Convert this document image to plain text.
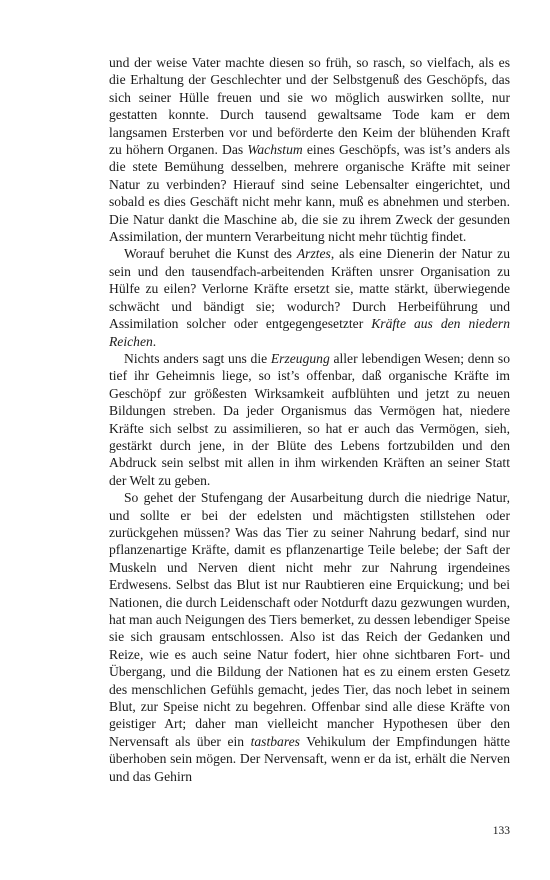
und der weise Vater machte diesen so früh, so rasch, so vielfach, als es die Erhaltung der Geschlechter und der Selbstgenuß des Geschöpfs, das sich seiner Hülle freuen und sie wo möglich auswirken sollte, nur gestatten konnte. Durch tausend gewaltsame Tode kam er dem langsamen Ersterben vor und beförderte den Keim der blühenden Kraft zu höhern Organen. Das Wachstum eines Geschöpfs, was ist’s anders als die stete Bemühung desselben, mehrere organische Kräfte mit seiner Natur zu verbinden? Hierauf sind seine Lebensalter eingerichtet, und sobald es dies Geschäft nicht mehr kann, muß es abnehmen und sterben. Die Natur dankt die Maschine ab, die sie zu ihrem Zweck der gesunden Assimilation, der muntern Verarbeitung nicht mehr tüchtig findet.

Worauf beruhet die Kunst des Arztes, als eine Dienerin der Natur zu sein und den tausendfach-arbeitenden Kräften unsrer Organisation zu Hülfe zu eilen? Verlorne Kräfte ersetzt sie, matte stärkt, überwiegende schwächt und bändigt sie; wodurch? Durch Herbeiführung und Assimilation solcher oder entgegengesetzter Kräfte aus den niedern Reichen.

Nichts anders sagt uns die Erzeugung aller lebendigen Wesen; denn so tief ihr Geheimnis liege, so ist’s offenbar, daß organische Kräfte im Geschöpf zur größesten Wirksamkeit aufblühten und jetzt zu neuen Bildungen streben. Da jeder Organismus das Vermögen hat, niedere Kräfte sich selbst zu assimilieren, so hat er auch das Vermögen, sieh, gestärkt durch jene, in der Blüte des Lebens fortzubilden und den Abdruck sein selbst mit allen in ihm wirkenden Kräften an seiner Statt der Welt zu geben.

So gehet der Stufengang der Ausarbeitung durch die niedrige Natur, und sollte er bei der edelsten und mächtigsten stillstehen oder zurückgehen müssen? Was das Tier zu seiner Nahrung bedarf, sind nur pflanzenartige Kräfte, damit es pflanzenartige Teile belebe; der Saft der Muskeln und Nerven dient nicht mehr zur Nahrung irgendeines Erdwesens. Selbst das Blut ist nur Raubtieren eine Erquickung; und bei Nationen, die durch Leidenschaft oder Notdurft dazu gezwungen wurden, hat man auch Neigungen des Tiers bemerket, zu dessen lebendiger Speise sie sich grausam entschlossen. Also ist das Reich der Gedanken und Reize, wie es auch seine Natur fodert, hier ohne sichtbaren Fort- und Übergang, und die Bildung der Nationen hat es zu einem ersten Gesetz des menschlichen Gefühls gemacht, jedes Tier, das noch lebet in seinem Blut, zur Speise nicht zu begehren. Offenbar sind alle diese Kräfte von geistiger Art; daher man vielleicht mancher Hypothesen über den Nervensaft als über ein tastbares Vehikulum der Empfindungen hätte überhoben sein mögen. Der Nervensaft, wenn er da ist, erhält die Nerven und das Gehirn

133
